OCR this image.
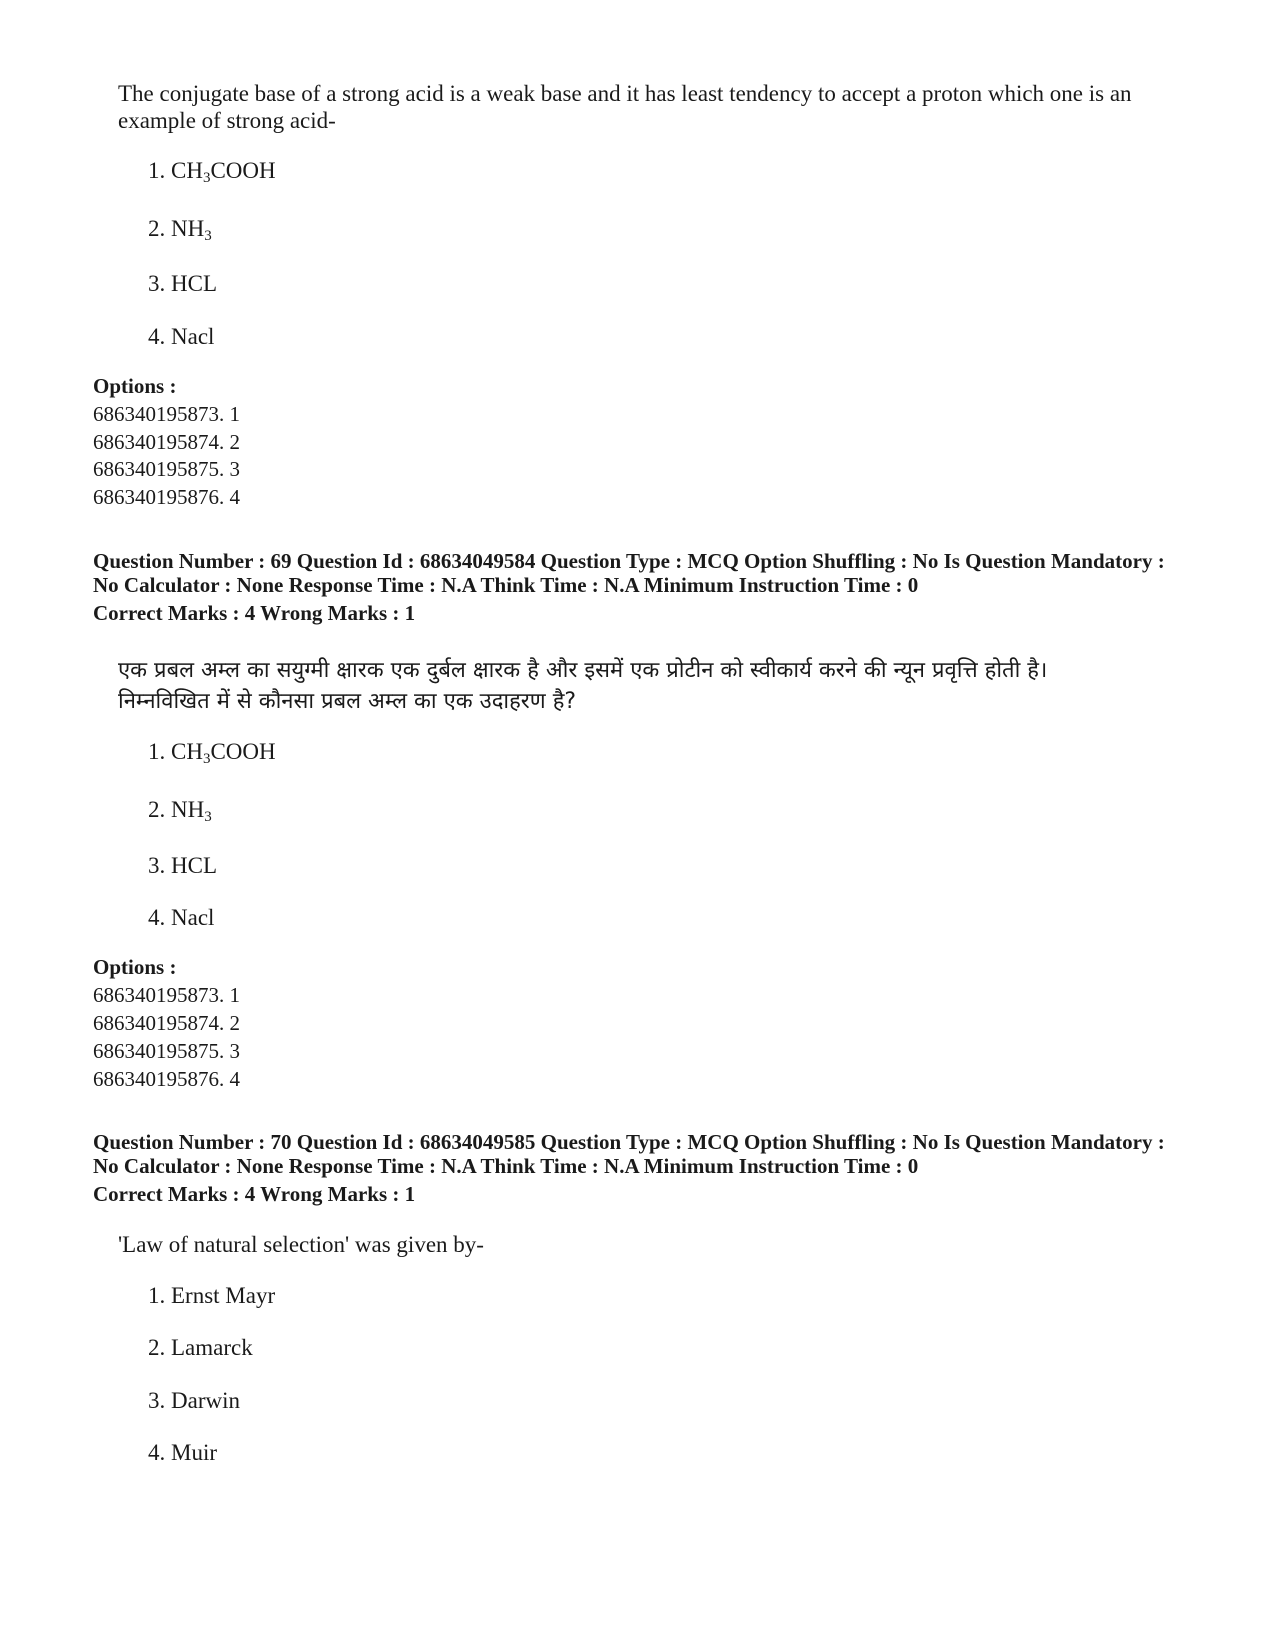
The conjugate base of a strong acid is a weak base and it has least tendency to accept a proton which one is an
example of strong acid-
1. $CH_3COOH$
2. $NH_3$
3. HCL
4. Nacl
Options :
686340195873. 1
686340195874. 2
686340195875. 3
686340195876. 4
Question Number : 69 Question Id : 68634049584 Question Type : MCQ Option Shuffling : No Is Question Mandatory :
No Calculator : None Response Time : N.A Think Time : N.A Minimum Instruction Time : 0
Correct Marks : 4 Wrong Marks : 1
एक प्रबल अम्ल का सयुग्मी क्षारक एक दुर्बल क्षारक है और इसमें एक प्रोटीन को स्वीकार्य करने की न्यून प्रवृत्ति होती है।
निम्नविखित में से कौनसा प्रबल अम्ल का एक उदाहरण है?
1. $CH_3COOH$
2. $NH_3$
3. HCL
4. Nacl
Options :
686340195873. 1
686340195874. 2
686340195875. 3
686340195876. 4
Question Number : 70 Question Id : 68634049585 Question Type : MCQ Option Shuffling : No Is Question Mandatory :
No Calculator : None Response Time : N.A Think Time : N.A Minimum Instruction Time : 0
Correct Marks : 4 Wrong Marks : 1
'Law of natural selection' was given by-
1. Ernst Mayr
2. Lamarck
3. Darwin
4. Muir
